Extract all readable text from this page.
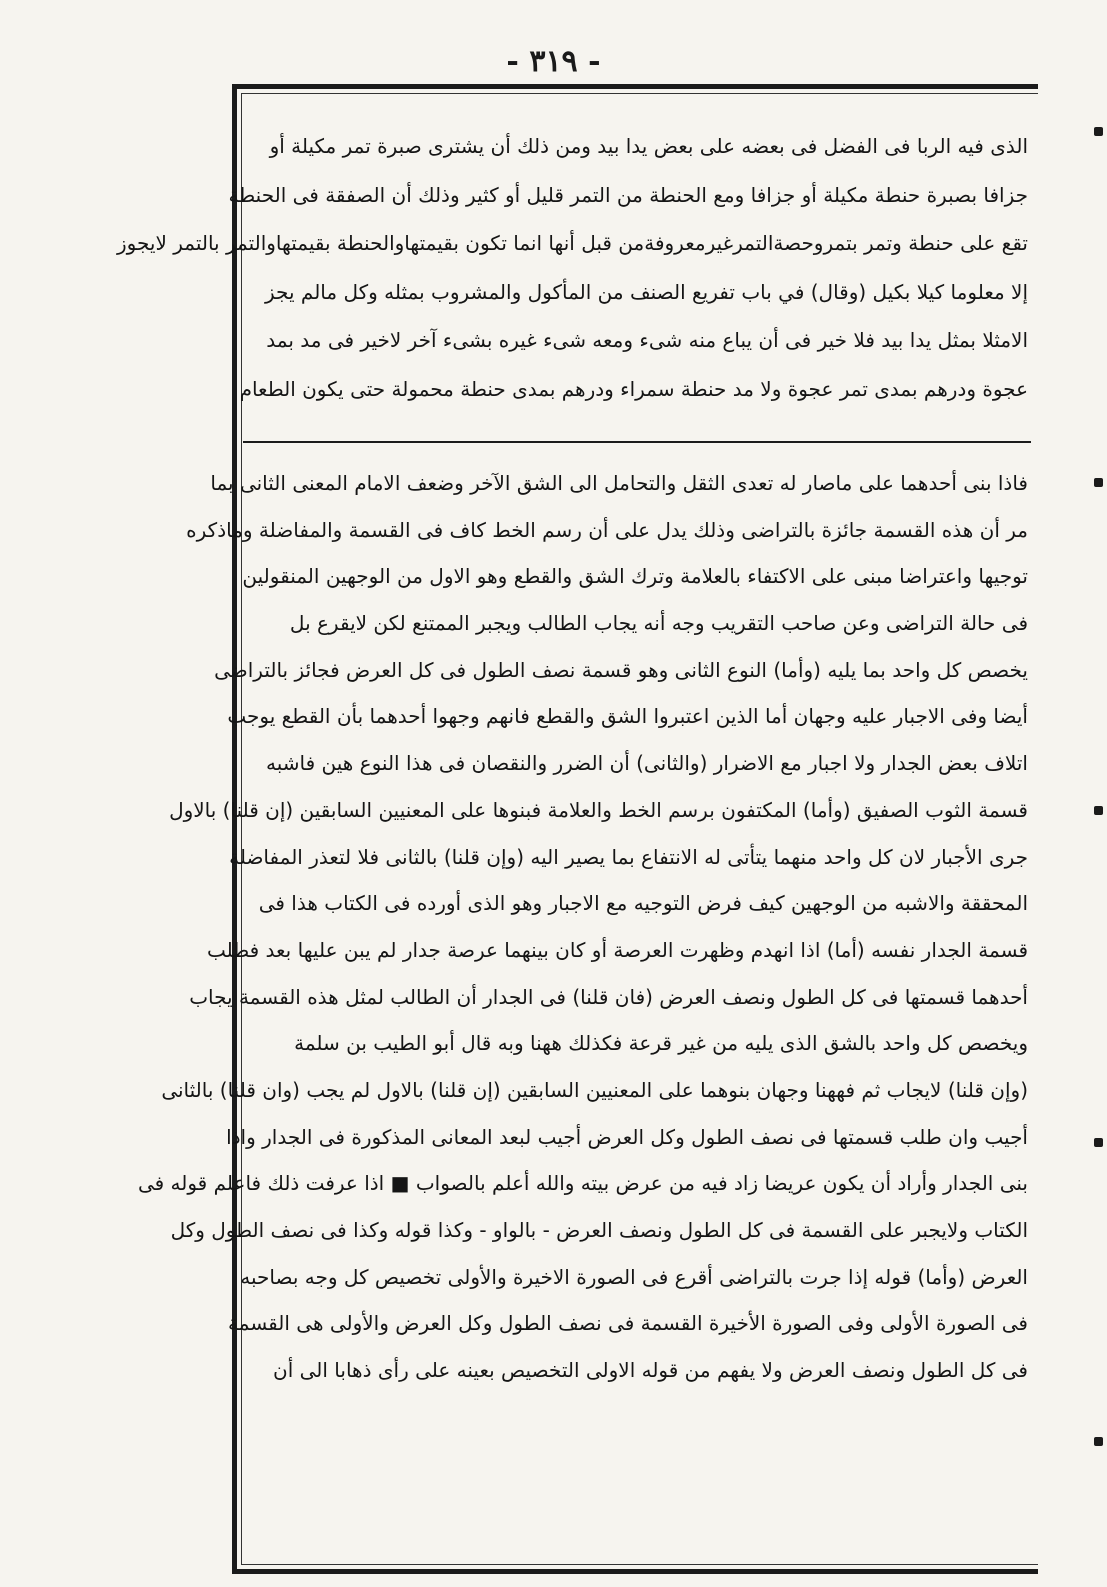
- ٣١٩ -
الذى فيه الربا فى الفضل فى بعضه على بعض يدا بيد ومن ذلك أن يشترى صبرة تمر مكيلة أو
جزافا بصبرة حنطة مكيلة أو جزافا ومع الحنطة من التمر قليل أو كثير وذلك أن الصفقة فى الحنطة
تقع على حنطة وتمر بتمروحصةالتمرغيرمعروفةمن قبل أنها انما تكون بقيمتهاوالحنطة بقيمتهاوالتمر بالتمر لايجوز
إلا معلوما كيلا بكيل (وقال) في باب تفريع الصنف من المأكول والمشروب بمثله وكل مالم يجز
الامثلا بمثل يدا بيد فلا خير فى أن يباع منه شىء ومعه شىء غيره بشىء آخر لاخير فى مد بمد
عجوة ودرهم بمدى تمر عجوة ولا مد حنطة سمراء ودرهم بمدى حنطة محمولة حتى يكون الطعام
فاذا بنى أحدهما على ماصار له تعدى الثقل والتحامل الى الشق الآخر وضعف الامام المعنى الثانى بما
مر أن هذه القسمة جائزة بالتراضى وذلك يدل على أن رسم الخط كاف فى القسمة والمفاضلة وماذكره
توجيها واعتراضا مبنى على الاكتفاء بالعلامة وترك الشق والقطع وهو الاول من الوجهين المنقولين
فى حالة التراضى وعن صاحب التقريب وجه أنه يجاب الطالب ويجبر الممتنع لكن لايقرع بل
يخصص كل واحد بما يليه (وأما) النوع الثانى وهو قسمة نصف الطول فى كل العرض فجائز بالتراضى
أيضا وفى الاجبار عليه وجهان أما الذين اعتبروا الشق والقطع فانهم وجهوا أحدهما بأن القطع يوجب
اتلاف بعض الجدار ولا اجبار مع الاضرار (والثانى) أن الضرر والنقصان فى هذا النوع هين فاشبه
قسمة الثوب الصفيق (وأما) المكتفون برسم الخط والعلامة فبنوها على المعنيين السابقين (إن قلنا) بالاول
جرى الأجبار لان كل واحد منهما يتأتى له الانتفاع بما يصير اليه (وإن قلنا) بالثانى فلا لتعذر المفاضلة
المحققة والاشبه من الوجهين كيف فرض التوجيه مع الاجبار وهو الذى أورده فى الكتاب هذا فى
قسمة الجدار نفسه (أما) اذا انهدم وظهرت العرصة أو كان بينهما عرصة جدار لم يبن عليها بعد فطلب
أحدهما قسمتها فى كل الطول ونصف العرض (فان قلنا) فى الجدار أن الطالب لمثل هذه القسمة يجاب
ويخصص كل واحد بالشق الذى يليه من غير قرعة فكذلك ههنا وبه قال أبو الطيب بن سلمة
(وإن قلنا) لايجاب ثم فههنا وجهان بنوهما على المعنيين السابقين (إن قلنا) بالاول لم يجب (وان قلنا) بالثانى
أجيب وان طلب قسمتها فى نصف الطول وكل العرض أجيب لبعد المعانى المذكورة فى الجدار واذا
بنى الجدار وأراد أن يكون عريضا زاد فيه من عرض بيته والله أعلم بالصواب ■ اذا عرفت ذلك فاعلم قوله فى
الكتاب ولايجبر على القسمة فى كل الطول ونصف العرض - بالواو - وكذا قوله وكذا فى نصف الطول وكل
العرض (وأما) قوله إذا جرت بالتراضى أقرع فى الصورة الاخيرة والأولى تخصيص كل وجه بصاحبه
فى الصورة الأولى وفى الصورة الأخيرة القسمة فى نصف الطول وكل العرض والأولى هى القسمة
فى كل الطول ونصف العرض ولا يفهم من قوله الاولى التخصيص بعينه على رأى ذهابا الى أن
